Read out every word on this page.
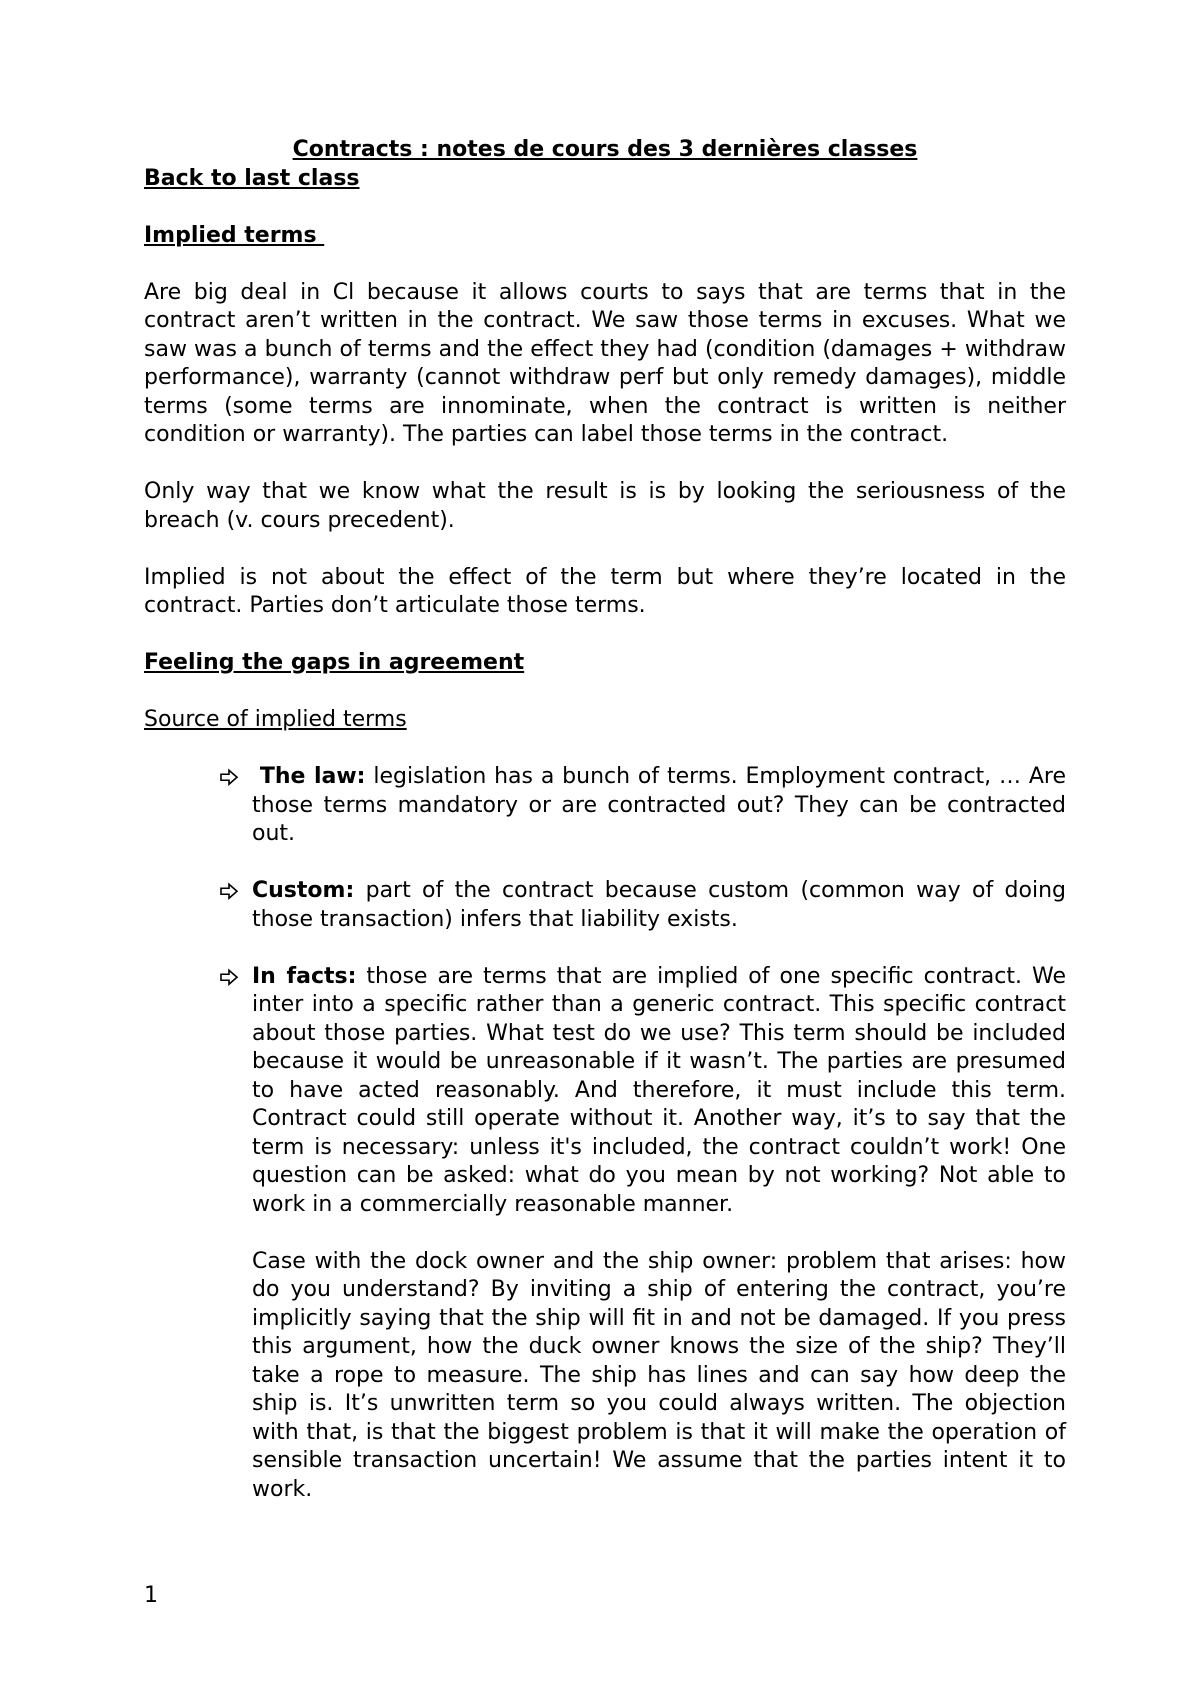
Contracts : notes de cours des 3 dernières classes

Back to last class

Implied terms

Are big deal in Cl because it allows courts to says that are terms that in the contract aren’t written in the contract. We saw those terms in excuses. What we saw was a bunch of terms and the effect they had (condition (damages + withdraw performance), warranty (cannot withdraw perf but only remedy damages), middle terms (some terms are innominate, when the contract is written is neither condition or warranty). The parties can label those terms in the contract.

Only way that we know what the result is is by looking the seriousness of the breach (v. cours precedent).

Implied is not about the effect of the term but where they’re located in the contract. Parties don’t articulate those terms.

Feeling the gaps in agreement

Source of implied terms

The law: legislation has a bunch of terms. Employment contract, … Are those terms mandatory or are contracted out? They can be contracted out.

Custom: part of the contract because custom (common way of doing those transaction) infers that liability exists.

In facts: those are terms that are implied of one specific contract. We inter into a specific rather than a generic contract. This specific contract about those parties. What test do we use? This term should be included because it would be unreasonable if it wasn’t. The parties are presumed to have acted reasonably. And therefore, it must include this term. Contract could still operate without it. Another way, it’s to say that the term is necessary: unless it's included, the contract couldn’t work! One question can be asked: what do you mean by not working? Not able to work in a commercially reasonable manner.

Case with the dock owner and the ship owner: problem that arises: how do you understand? By inviting a ship of entering the contract, you’re implicitly saying that the ship will fit in and not be damaged. If you press this argument, how the duck owner knows the size of the ship? They’ll take a rope to measure. The ship has lines and can say how deep the ship is. It’s unwritten term so you could always written. The objection with that, is that the biggest problem is that it will make the operation of sensible transaction uncertain! We assume that the parties intent it to work.

1
